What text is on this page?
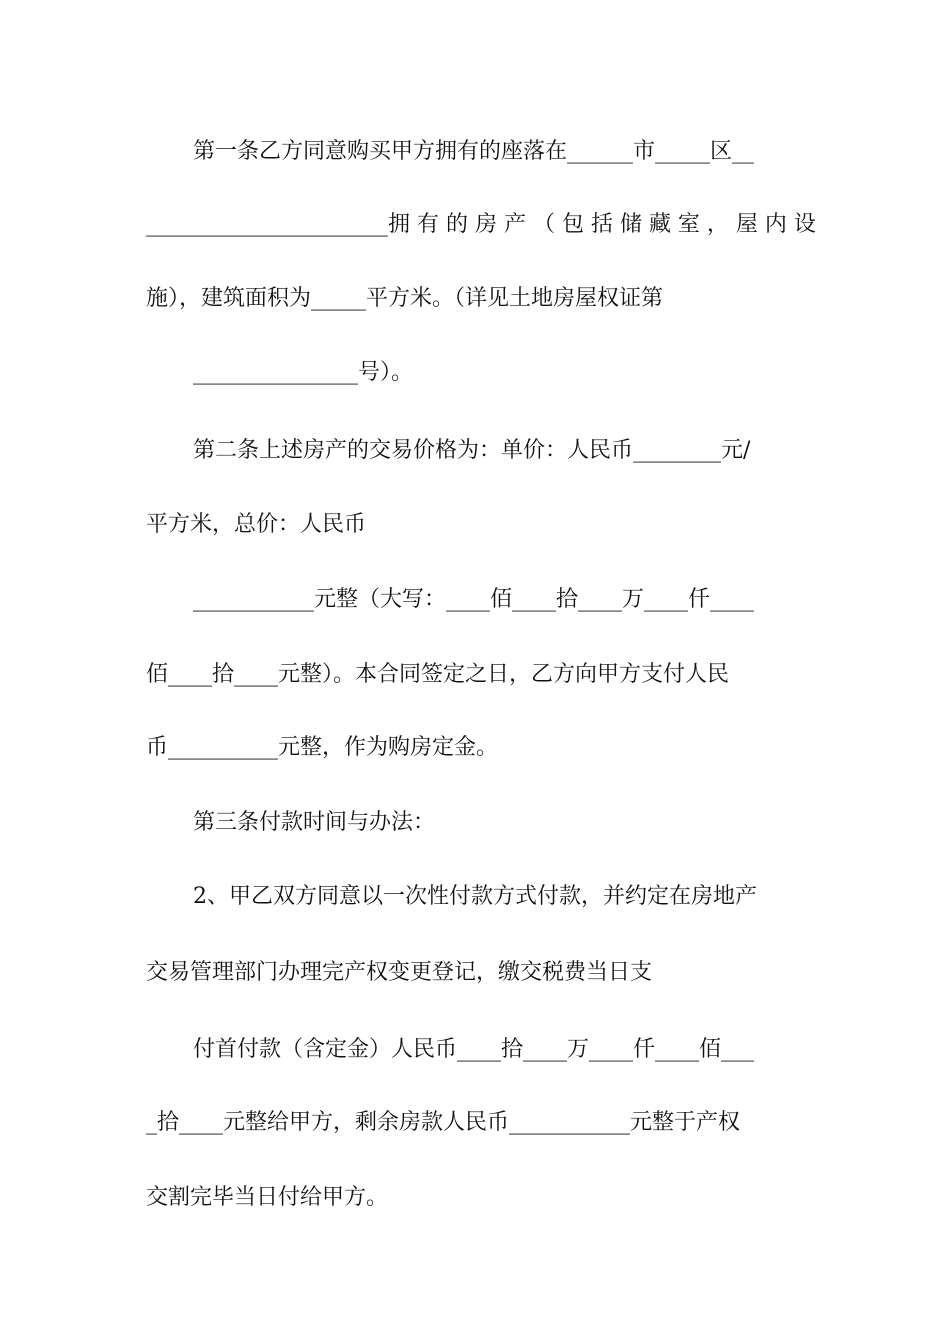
第一条乙方同意购买甲方拥有的座落在______市_____区__
______________________拥 有 的 房 产 （ 包 括 储 藏 室 ， 屋 内 设
施），建筑面积为_____平方米。（详见土地房屋权证第
_______________号）。
第二条上述房产的交易价格为：单价：人民币________元/
平方米，总价：人民币
___________元整（大写：____佰____拾____万____仟____
佰____拾____元整）。本合同签定之日，乙方向甲方支付人民
币__________元整，作为购房定金。
第三条付款时间与办法：
2、甲乙双方同意以一次性付款方式付款，并约定在房地产
交易管理部门办理完产权变更登记，缴交税费当日支
付首付款（含定金）人民币____拾____万____仟____佰___
_拾____元整给甲方，剩余房款人民币___________元整于产权
交割完毕当日付给甲方。
